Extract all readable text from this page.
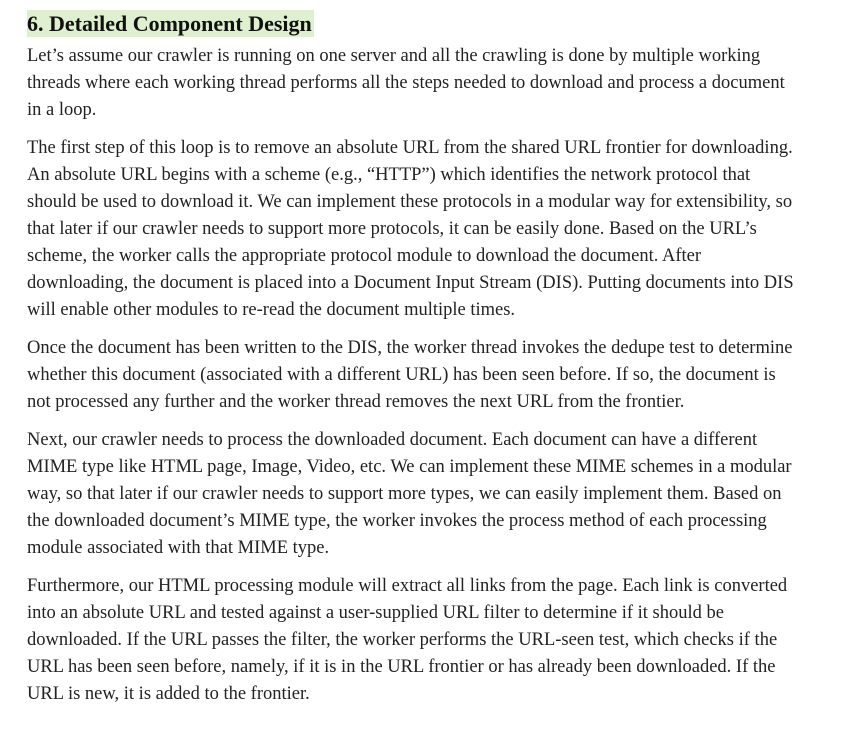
6. Detailed Component Design

Let’s assume our crawler is running on one server and all the crawling is done by multiple working
threads where each working thread performs all the steps needed to download and process a document
in a loop.

The first step of this loop is to remove an absolute URL from the shared URL frontier for downloading.
An absolute URL begins with a scheme (e.g., “HTTP”) which identifies the network protocol that
should be used to download it. We can implement these protocols in a modular way for extensibility, so
that later if our crawler needs to support more protocols, it can be easily done. Based on the URL’s
scheme, the worker calls the appropriate protocol module to download the document. After
downloading, the document is placed into a Document Input Stream (DIS). Putting documents into DIS
will enable other modules to re-read the document multiple times.

Once the document has been written to the DIS, the worker thread invokes the dedupe test to determine
whether this document (associated with a different URL) has been seen before. If so, the document is
not processed any further and the worker thread removes the next URL from the frontier.

Next, our crawler needs to process the downloaded document. Each document can have a different
MIME type like HTML page, Image, Video, etc. We can implement these MIME schemes in a modular
way, so that later if our crawler needs to support more types, we can easily implement them. Based on
the downloaded document’s MIME type, the worker invokes the process method of each processing
module associated with that MIME type.

Furthermore, our HTML processing module will extract all links from the page. Each link is converted
into an absolute URL and tested against a user-supplied URL filter to determine if it should be
downloaded. If the URL passes the filter, the worker performs the URL-seen test, which checks if the
URL has been seen before, namely, if it is in the URL frontier or has already been downloaded. If the
URL is new, it is added to the frontier.
